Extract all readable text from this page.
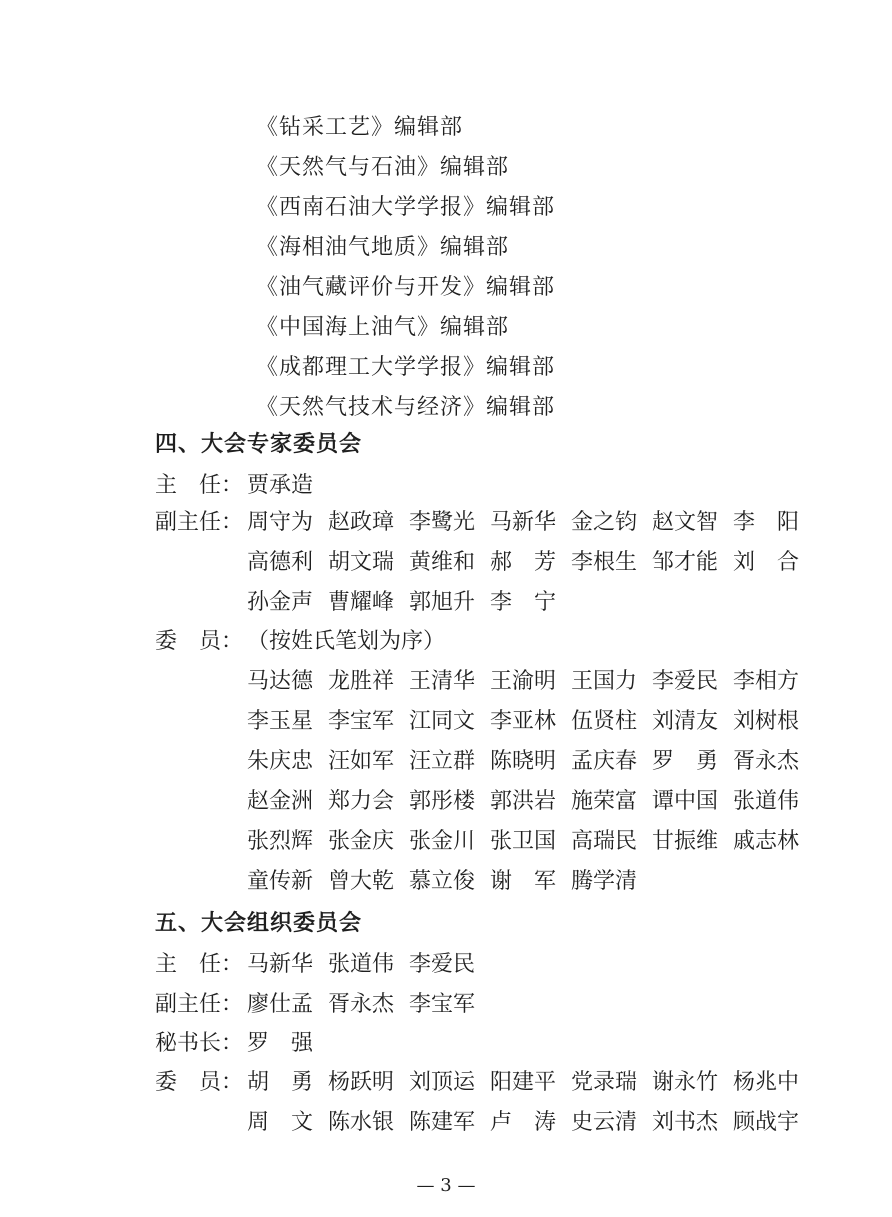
《钻采工艺》编辑部
《天然气与石油》编辑部
《西南石油大学学报》编辑部
《海相油气地质》编辑部
《油气藏评价与开发》编辑部
《中国海上油气》编辑部
《成都理工大学学报》编辑部
《天然气技术与经济》编辑部
四、大会专家委员会
主　任： 贾承造
副主任： 周守为 赵政璋 李鹭光 马新华 金之钧 赵文智 李　阳
高德利 胡文瑞 黄维和 郝　芳 李根生 邹才能 刘　合
孙金声 曹耀峰 郭旭升 李　宁
委　员： （按姓氏笔划为序）
马达德 龙胜祥 王清华 王渝明 王国力 李爱民 李相方
李玉星 李宝军 江同文 李亚林 伍贤柱 刘清友 刘树根
朱庆忠 汪如军 汪立群 陈晓明 孟庆春 罗　勇 胥永杰
赵金洲 郑力会 郭彤楼 郭洪岩 施荣富 谭中国 张道伟
张烈辉 张金庆 张金川 张卫国 高瑞民 甘振维 戚志林
童传新 曾大乾 慕立俊 谢　军 腾学清
五、大会组织委员会
主　任： 马新华 张道伟 李爱民
副主任： 廖仕孟 胥永杰 李宝军
秘书长： 罗　强
委　员： 胡　勇 杨跃明 刘顶运 阳建平 党录瑞 谢永竹 杨兆中
周　文 陈水银 陈建军 卢　涛 史云清 刘书杰 顾战宇
— 3 —
